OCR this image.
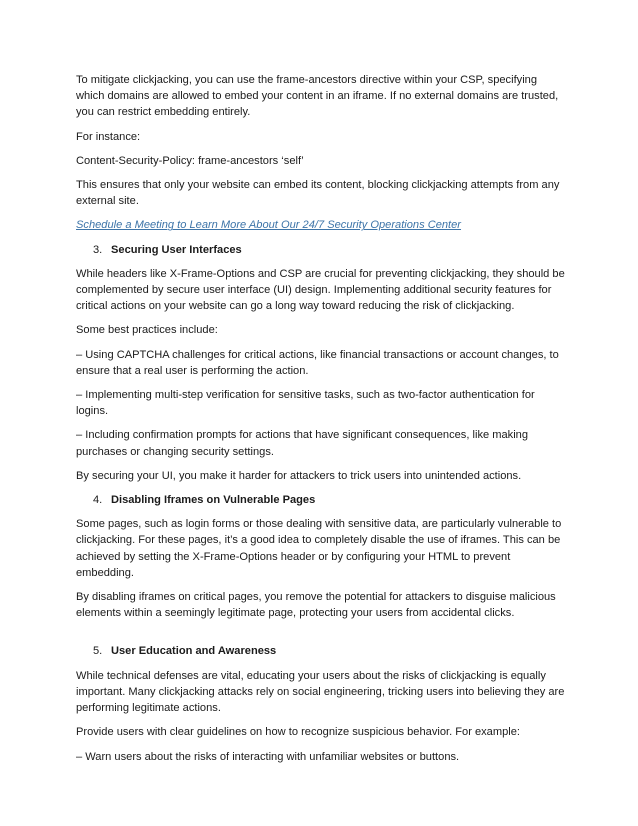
To mitigate clickjacking, you can use the frame-ancestors directive within your CSP, specifying which domains are allowed to embed your content in an iframe. If no external domains are trusted, you can restrict embedding entirely.

For instance:

Content-Security-Policy: frame-ancestors ‘self’

This ensures that only your website can embed its content, blocking clickjacking attempts from any external site.

Schedule a Meeting to Learn More About Our 24/7 Security Operations Center

3. Securing User Interfaces

While headers like X-Frame-Options and CSP are crucial for preventing clickjacking, they should be complemented by secure user interface (UI) design. Implementing additional security features for critical actions on your website can go a long way toward reducing the risk of clickjacking.

Some best practices include:

– Using CAPTCHA challenges for critical actions, like financial transactions or account changes, to ensure that a real user is performing the action.

– Implementing multi-step verification for sensitive tasks, such as two-factor authentication for logins.

– Including confirmation prompts for actions that have significant consequences, like making purchases or changing security settings.

By securing your UI, you make it harder for attackers to trick users into unintended actions.

4. Disabling Iframes on Vulnerable Pages

Some pages, such as login forms or those dealing with sensitive data, are particularly vulnerable to clickjacking. For these pages, it’s a good idea to completely disable the use of iframes. This can be achieved by setting the X-Frame-Options header or by configuring your HTML to prevent embedding.

By disabling iframes on critical pages, you remove the potential for attackers to disguise malicious elements within a seemingly legitimate page, protecting your users from accidental clicks.

5. User Education and Awareness

While technical defenses are vital, educating your users about the risks of clickjacking is equally important. Many clickjacking attacks rely on social engineering, tricking users into believing they are performing legitimate actions.

Provide users with clear guidelines on how to recognize suspicious behavior. For example:

– Warn users about the risks of interacting with unfamiliar websites or buttons.
